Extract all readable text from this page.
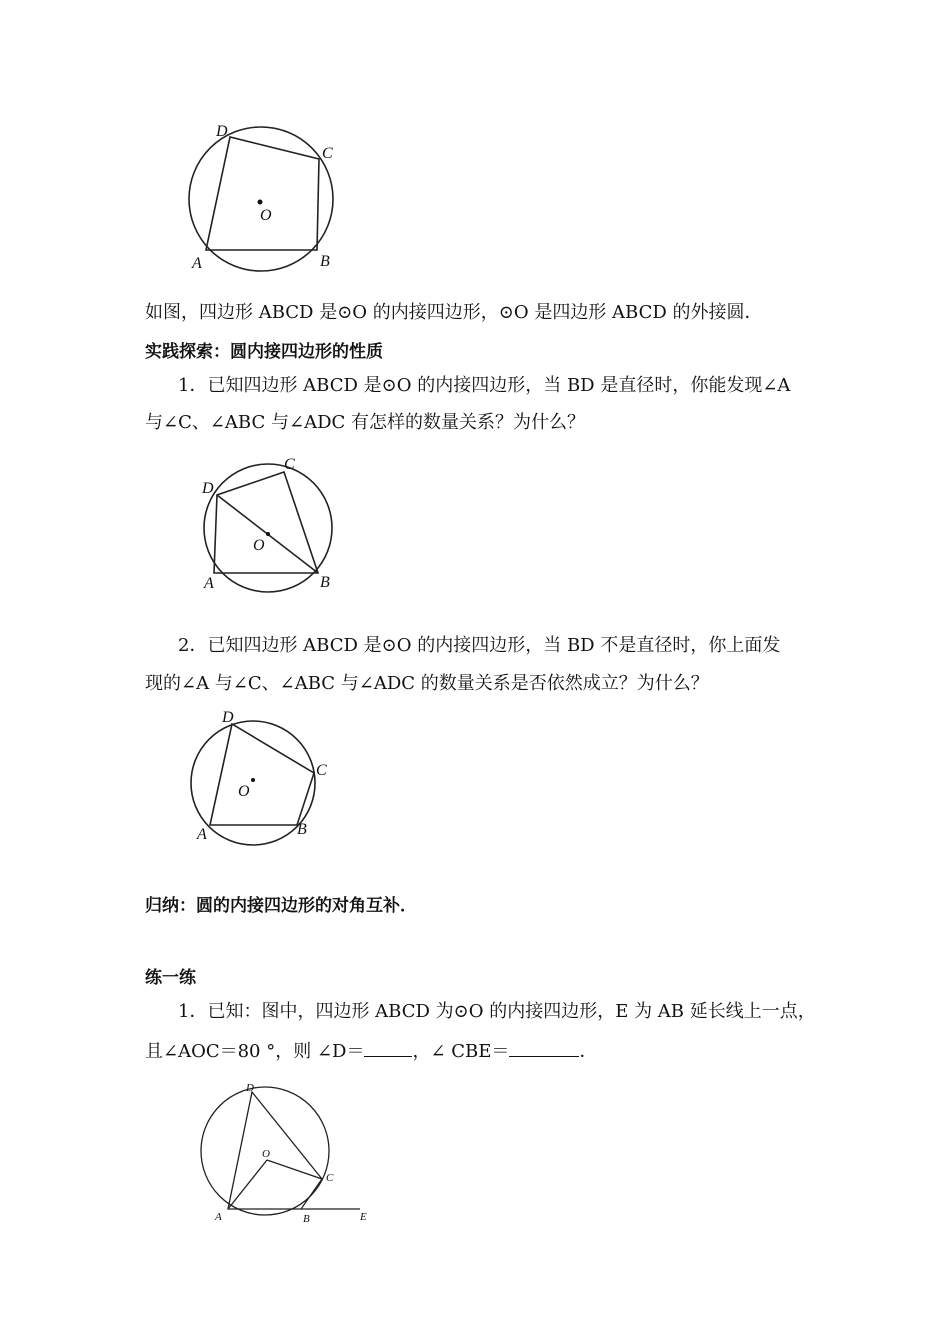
D
C
A	B
O
如图，四边形 ABCD 是⊙O 的内接四边形，⊙O 是四边形 ABCD 的外接圆．
实践探索：圆内接四边形的性质
1．已知四边形 ABCD 是⊙O 的内接四边形，当 BD 是直径时，你能发现∠A
与∠C、∠ABC 与∠ADC 有怎样的数量关系？为什么？
D
C
A	B
O
2．已知四边形 ABCD 是⊙O 的内接四边形，当 BD 不是直径时，你上面发
现的∠A 与∠C、∠ABC 与∠ADC 的数量关系是否依然成立？为什么？
D
C
A	B
O
归纳：圆的内接四边形的对角互补．
练一练
1．已知：图中，四边形 ABCD 为⊙O 的内接四边形，E 为 AB 延长线上一点，
且∠AOC＝80 °，则 ∠D＝	，∠ CBE＝	．
D
O
C
A	B	E
